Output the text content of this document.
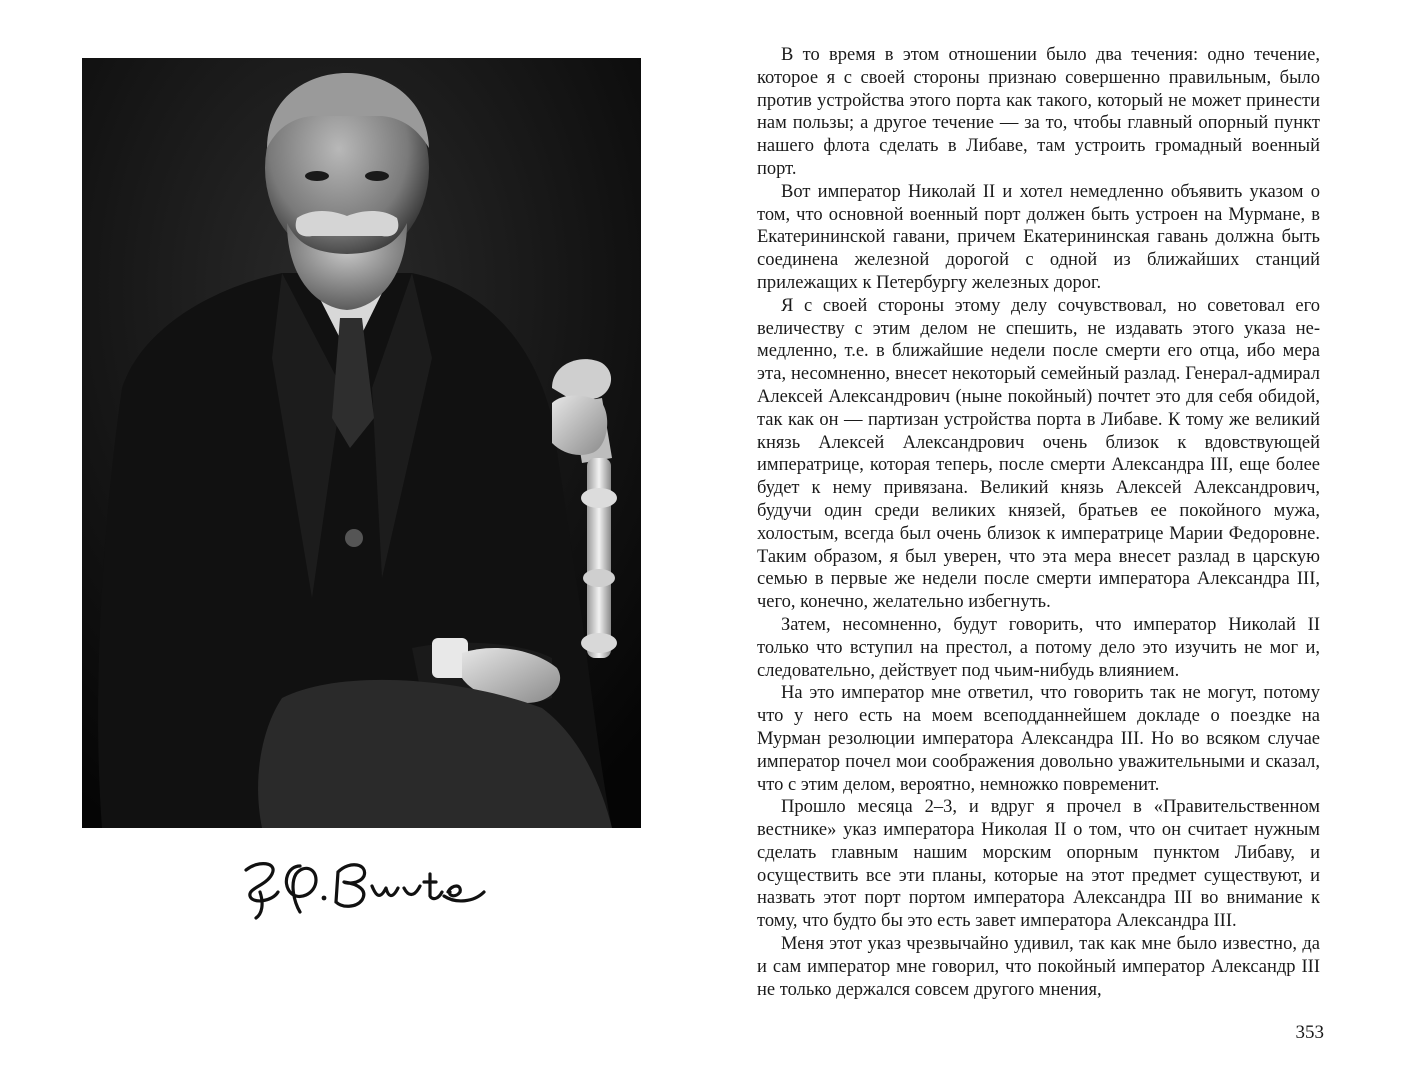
В то время в этом отношении было два течения: одно течение, которое я с своей стороны признаю совершенно правильным, было против устройства этого порта как такого, который не может принести нам пользы; а другое течение — за то, чтобы главный опорный пункт нашего флота сделать в Либаве, там устроить громадный военный порт.

Вот император Николай II и хотел немедленно объявить указом о том, что основной военный порт должен быть устроен на Мурмане, в Екатерининской гавани, причем Екатерининская гавань должна быть соединена железной дорогой с одной из ближайших станций прилежащих к Петербургу железных дорог.

Я с своей стороны этому делу сочувствовал, но советовал его величеству с этим делом не спешить, не издавать этого указа немедленно, т.е. в ближайшие недели после смерти его отца, ибо мера эта, несомненно, внесет некоторый семейный разлад. Генерал-адмирал Алексей Александрович (ныне покойный) почтет это для себя обидой, так как он — партизан устройства порта в Либаве. К тому же великий князь Алексей Александрович очень близок к вдовствующей императрице, которая теперь, после смерти Александра III, еще более будет к нему привязана. Великий князь Алексей Александрович, будучи один среди великих князей, братьев ее покойного мужа, холостым, всегда был очень близок к императрице Марии Федоровне. Таким образом, я был уверен, что эта мера внесет разлад в царскую семью в первые же недели после смерти императора Александра III, чего, конечно, желательно избегнуть.

Затем, несомненно, будут говорить, что император Николай II только что вступил на престол, а потому дело это изучить не мог и, следовательно, действует под чьим-нибудь влиянием.

На это император мне ответил, что говорить так не могут, потому что у него есть на моем всеподданнейшем докладе о поездке на Мурман резолюции императора Александра III. Но во всяком случае император почел мои соображения довольно уважительными и сказал, что с этим делом, вероятно, немножко повременит.

Прошло месяца 2–3, и вдруг я прочел в «Правительственном вестнике» указ императора Николая II о том, что он считает нужным сделать главным нашим морским опорным пунктом Либаву, и осуществить все эти планы, которые на этот предмет существуют, и назвать этот порт портом императора Александра III во внимание к тому, что будто бы это есть завет императора Александра III.

Меня этот указ чрезвычайно удивил, так как мне было известно, да и сам император мне говорил, что покойный император Александр III не только держался совсем другого мнения,

353
